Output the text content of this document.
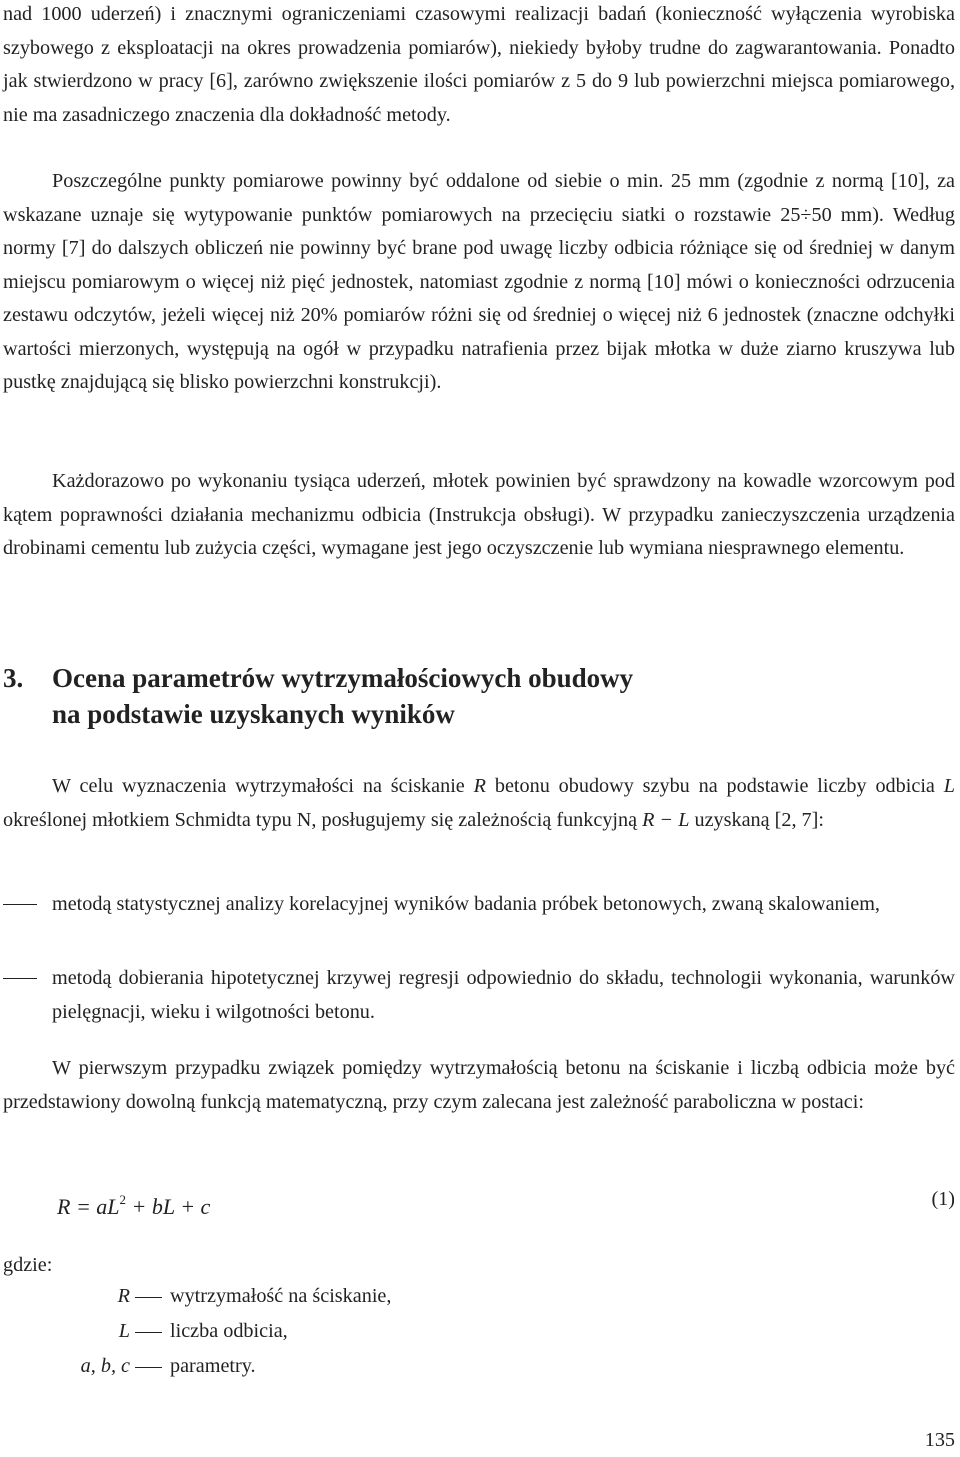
nad 1000 uderzeń) i znacznymi ograniczeniami czasowymi realizacji badań (konieczność wyłączenia wyrobiska szybowego z eksploatacji na okres prowadzenia pomiarów), niekiedy byłoby trudne do zagwarantowania. Ponadto jak stwierdzono w pracy [6], zarówno zwiększenie ilości pomiarów z 5 do 9 lub powierzchni miejsca pomiarowego, nie ma zasadniczego znaczenia dla dokładność metody.

Poszczególne punkty pomiarowe powinny być oddalone od siebie o min. 25 mm (zgodnie z normą [10], za wskazane uznaje się wytypowanie punktów pomiarowych na przecięciu siatki o rozstawie 25÷50 mm). Według normy [7] do dalszych obliczeń nie powinny być brane pod uwagę liczby odbicia różniące się od średniej w danym miejscu pomiarowym o więcej niż pięć jednostek, natomiast zgodnie z normą [10] mówi o konieczności odrzucenia zestawu odczytów, jeżeli więcej niż 20% pomiarów różni się od średniej o więcej niż 6 jednostek (znaczne odchyłki wartości mierzonych, występują na ogół w przypadku natrafienia przez bijak młotka w duże ziarno kruszywa lub pustkę znajdującą się blisko powierzchni konstrukcji).

Każdorazowo po wykonaniu tysiąca uderzeń, młotek powinien być sprawdzony na kowadle wzorcowym pod kątem poprawności działania mechanizmu odbicia (Instrukcja obsługi). W przypadku zanieczyszczenia urządzenia drobinami cementu lub zużycia części, wymagane jest jego oczyszczenie lub wymiana niesprawnego elementu.

3. Ocena parametrów wytrzymałościowych obudowy
na podstawie uzyskanych wyników

W celu wyznaczenia wytrzymałości na ściskanie R betonu obudowy szybu na podstawie liczby odbicia L określonej młotkiem Schmidta typu N, posługujemy się zależnością funkcyjną R − L uzyskaną [2, 7]:

metodą statystycznej analizy korelacyjnej wyników badania próbek betonowych, zwaną skalowaniem,
metodą dobierania hipotetycznej krzywej regresji odpowiednio do składu, technologii wykonania, warunków pielęgnacji, wieku i wilgotności betonu.

W pierwszym przypadku związek pomiędzy wytrzymałością betonu na ściskanie i liczbą odbicia może być przedstawiony dowolną funkcją matematyczną, przy czym zalecana jest zależność paraboliczna w postaci:

$R = aL^2$ + bL + c	(1)
gdzie:
R wytrzymałość na ściskanie,
L liczba odbicia,
a, b, c parametry.
135
